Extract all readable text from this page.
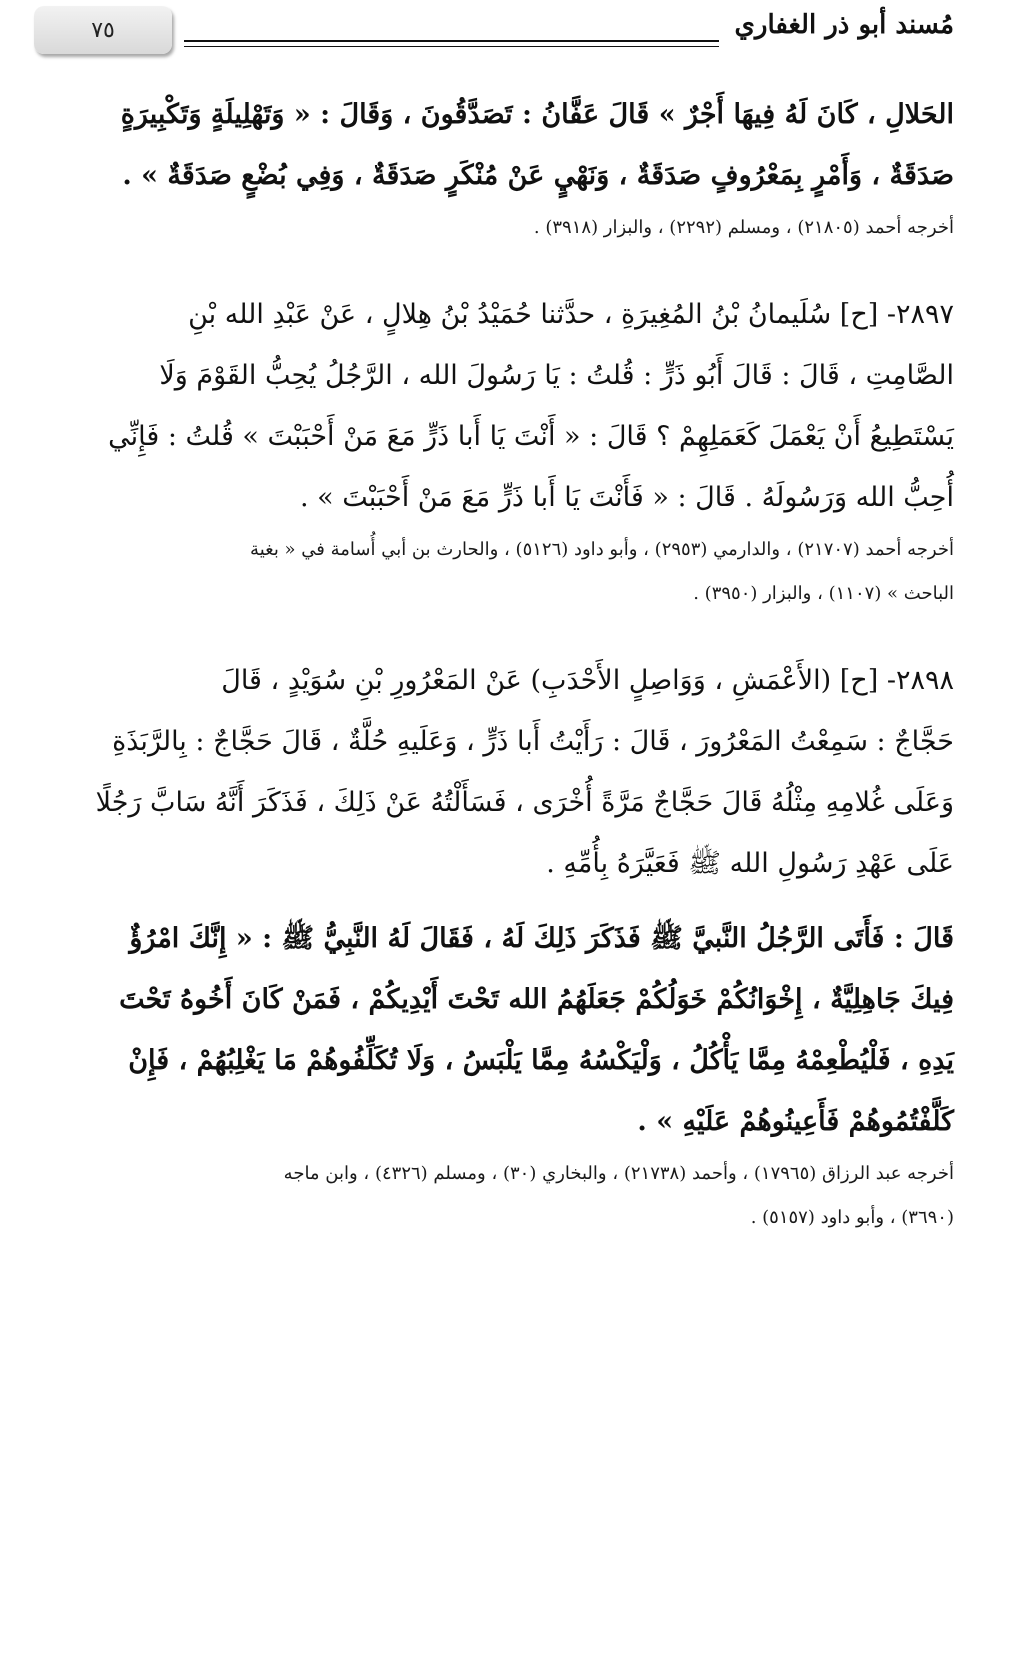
٧٥	مُسند أبو ذر الغفاري

الحَلالِ ، كَانَ لَهُ فِيهَا أَجْرٌ » قَالَ عَفَّانُ : تَصَدَّقُونَ ، وَقَالَ : « وَتَهْلِيلَةٍ وَتَكْبِيرَةٍ

صَدَقَةٌ ، وَأَمْرٍ بِمَعْرُوفٍ صَدَقَةٌ ، وَنَهْيٍ عَنْ مُنْكَرٍ صَدَقَةٌ ، وَفِي بُضْعٍ صَدَقَةٌ » .

أخرجه أحمد (٢١٨٠٥) ، ومسلم (٢٢٩٢) ، والبزار (٣٩١٨) .

٢٨٩٧- [ح] سُلَيمانُ بْنُ المُغِيرَةِ ، حدَّثنا حُمَيْدُ بْنُ هِلالٍ ، عَنْ عَبْدِ الله بْنِ

الصَّامِتِ ، قَالَ : قَالَ أَبُو ذَرٍّ : قُلتُ : يَا رَسُولَ الله ، الرَّجُلُ يُحِبُّ القَوْمَ وَلَا

يَسْتَطِيعُ أَنْ يَعْمَلَ كَعَمَلِهِمْ ؟ قَالَ : « أَنْتَ يَا أَبا ذَرٍّ مَعَ مَنْ أَحْبَبْتَ » قُلتُ : فَإِنِّي

أُحِبُّ الله وَرَسُولَهُ . قَالَ : « فَأَنْتَ يَا أَبا ذَرٍّ مَعَ مَنْ أَحْبَبْتَ » .

أخرجه أحمد (٢١٧٠٧) ، والدارمي (٢٩٥٣) ، وأبو داود (٥١٢٦) ، والحارث بن أبي أُسامة في « بغية

الباحث » (١١٠٧) ، والبزار (٣٩٥٠) .

٢٨٩٨- [ح] (الأَعْمَشِ ، وَوَاصِلٍ الأَحْدَبِ) عَنْ المَعْرُورِ بْنِ سُوَيْدٍ ، قَالَ

حَجَّاجٌ : سَمِعْتُ المَعْرُورَ ، قَالَ : رَأَيْتُ أَبا ذَرٍّ ، وَعَلَيهِ حُلَّةٌ ، قَالَ حَجَّاجٌ : بِالرَّبَذَةِ

وَعَلَى غُلامِهِ مِثْلُهُ قَالَ حَجَّاجٌ مَرَّةً أُخْرَى ، فَسَأَلْتُهُ عَنْ ذَلِكَ ، فَذَكَرَ أَنَّهُ سَابَّ رَجُلًا

عَلَى عَهْدِ رَسُولِ الله ﷺ فَعَيَّرَهُ بِأُمِّهِ .

قَالَ : فَأَتَى الرَّجُلُ النَّبيَّ ﷺ فَذَكَرَ ذَلِكَ لَهُ ، فَقَالَ لَهُ النَّبِيُّ ﷺ : « إِنَّكَ امْرُؤٌ

فِيكَ جَاهِلِيَّةٌ ، إِخْوَانُكُمْ خَوَلُكُمْ جَعَلَهُمُ الله تَحْتَ أَيْدِيكُمْ ، فَمَنْ كَانَ أَخُوهُ تَحْتَ

يَدِهِ ، فَلْيُطْعِمْهُ مِمَّا يَأْكُلُ ، وَلْيَكْسُهُ مِمَّا يَلْبَسُ ، وَلَا تُكَلِّفُوهُمْ مَا يَغْلِبُهُمْ ، فَإِنْ

كَلَّفْتُمُوهُمْ فَأَعِينُوهُمْ عَلَيْهِ » .

أخرجه عبد الرزاق (١٧٩٦٥) ، وأحمد (٢١٧٣٨) ، والبخاري (٣٠) ، ومسلم (٤٣٢٦) ، وابن ماجه

(٣٦٩٠) ، وأبو داود (٥١٥٧) .
